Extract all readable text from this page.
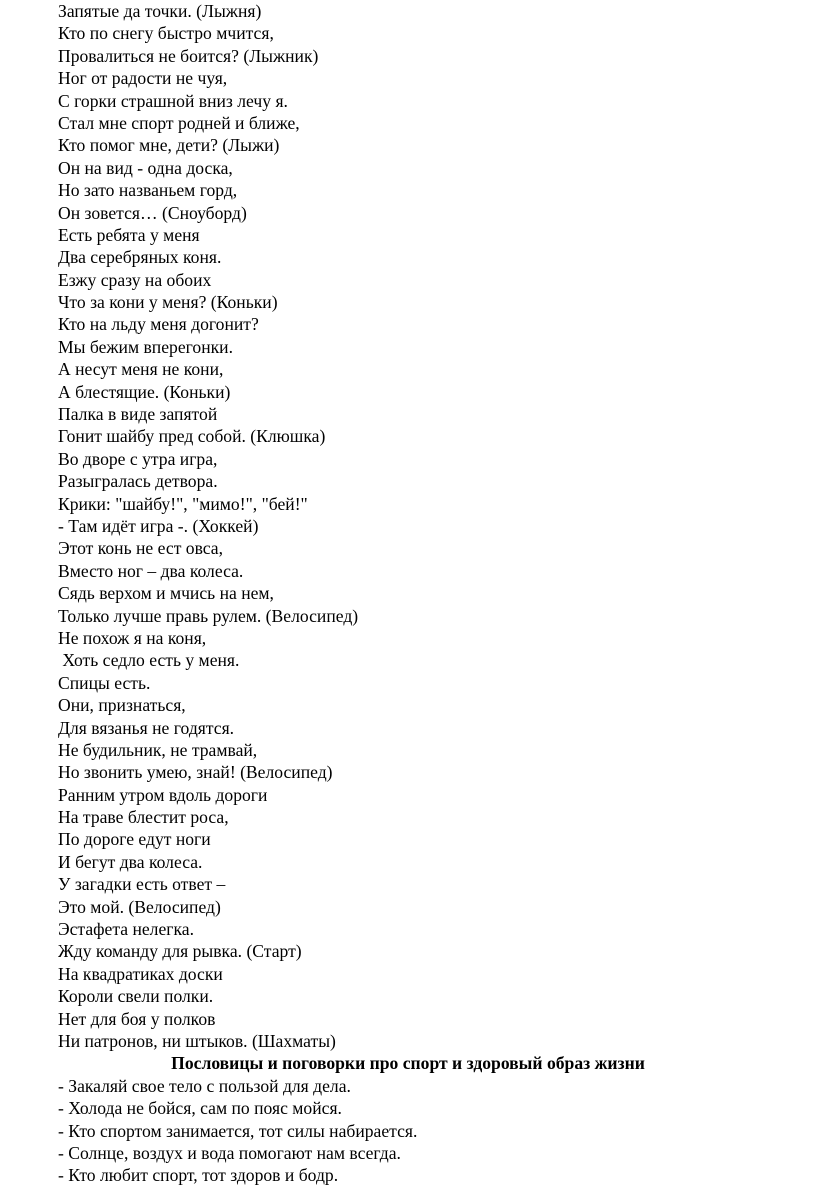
Запятые да точки. (Лыжня)
Кто по снегу быстро мчится,
Провалиться не боится? (Лыжник)
Ног от радости не чуя,
С горки страшной вниз лечу я.
Стал мне спорт родней и ближе,
Кто помог мне, дети? (Лыжи)
Он на вид - одна доска,
Но зато названьем горд,
Он зовется… (Сноуборд)
Есть ребята у меня
Два серебряных коня.
Езжу сразу на обоих
Что за кони у меня? (Коньки)
Кто на льду меня догонит?
Мы бежим вперегонки.
А несут меня не кони,
А блестящие. (Коньки)
Палка в виде запятой
Гонит шайбу пред собой. (Клюшка)
Во дворе с утра игра,
Разыгралась детвора.
Крики: "шайбу!", "мимо!", "бей!"
- Там идёт игра -. (Хоккей)
Этот конь не ест овса,
Вместо ног – два колеса.
Сядь верхом и мчись на нем,
Только лучше правь рулем. (Велосипед)
Не похож я на коня,
Хоть седло есть у меня.
Спицы есть.
Они, признаться,
Для вязанья не годятся.
Не будильник, не трамвай,
Но звонить умею, знай! (Велосипед)
Ранним утром вдоль дороги
На траве блестит роса,
По дороге едут ноги
И бегут два колеса.
У загадки есть ответ –
Это мой. (Велосипед)
Эстафета нелегка.
Жду команду для рывка. (Старт)
На квадратиках доски
Короли свели полки.
Нет для боя у полков
Ни патронов, ни штыков. (Шахматы)
Пословицы и поговорки про спорт и здоровый образ жизни
- Закаляй свое тело с пользой для дела.
- Холода не бойся, сам по пояс мойся.
- Кто спортом занимается, тот силы набирается.
- Солнце, воздух и вода помогают нам всегда.
- Кто любит спорт, тот здоров и бодр.
